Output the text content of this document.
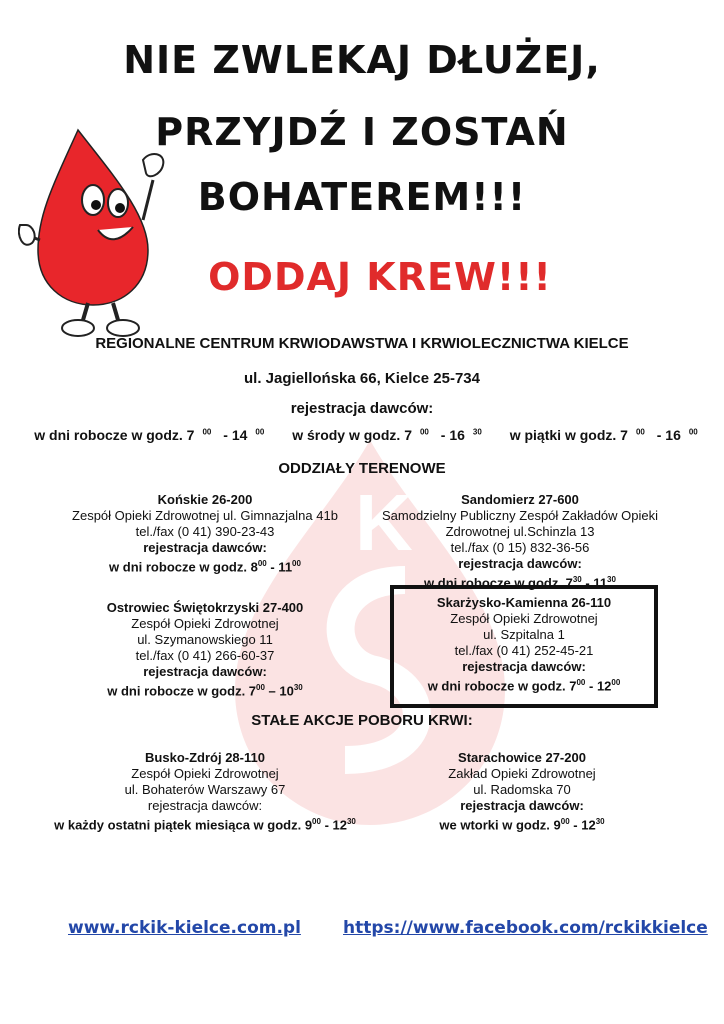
K
NIE ZWLEKAJ DŁUŻEJ,
PRZYJDŹ I ZOSTAŃ
BOHATEREM!!!
ODDAJ KREW!!!
REGIONALNE CENTRUM KRWIODAWSTWA I KRWIOLECZNICTWA KIELCE
ul. Jagiellońska 66, Kielce 25-734
rejestracja dawców:
w dni robocze w godz. 7 $^{00}$ - 14 $^{00}$ w środy w godz. 7 $^{00}$ - 16 $^{30}$ w piątki w godz. 7 $^{00}$ - 16 $^{00}$
ODDZIAŁY TERENOWE
Końskie 26-200
Zespół Opieki Zdrowotnej ul. Gimnazjalna 41b
tel./fax (0 41) 390-23-43
rejestracja dawców:
w dni robocze w godz. $8^{00} - 11^{00}$
Sandomierz 27-600
Samodzielny Publiczny Zespół Zakładów Opieki
Zdrowotnej ul.Schinzla 13
tel./fax (0 15) 832-36-56
rejestracja dawców:
w dni robocze w godz. $7^{30} - 11^{30}$
Ostrowiec Świętokrzyski 27-400
Zespół Opieki Zdrowotnej
ul. Szymanowskiego 11
tel./fax (0 41) 266-60-37
rejestracja dawców:
w dni robocze w godz. $7^{00} - 10^{30}$
Skarżysko-Kamienna 26-110
Zespół Opieki Zdrowotnej
ul. Szpitalna 1
tel./fax (0 41) 252-45-21
rejestracja dawców:
w dni robocze w godz. $7^{00} - 12^{00}$
STAŁE AKCJE POBORU KRWI:
Busko-Zdrój 28-110
Zespół Opieki Zdrowotnej
ul. Bohaterów Warszawy 67
rejestracja dawców:
w każdy ostatni piątek miesiąca w godz. $9^{00} - 12^{30}$
Starachowice 27-200
Zakład Opieki Zdrowotnej
ul. Radomska 70
rejestracja dawców:
we wtorki w godz. $9^{00} - 12^{30}$
www.rckik-kielce.com.pl https://www.facebook.com/rckikkielce
